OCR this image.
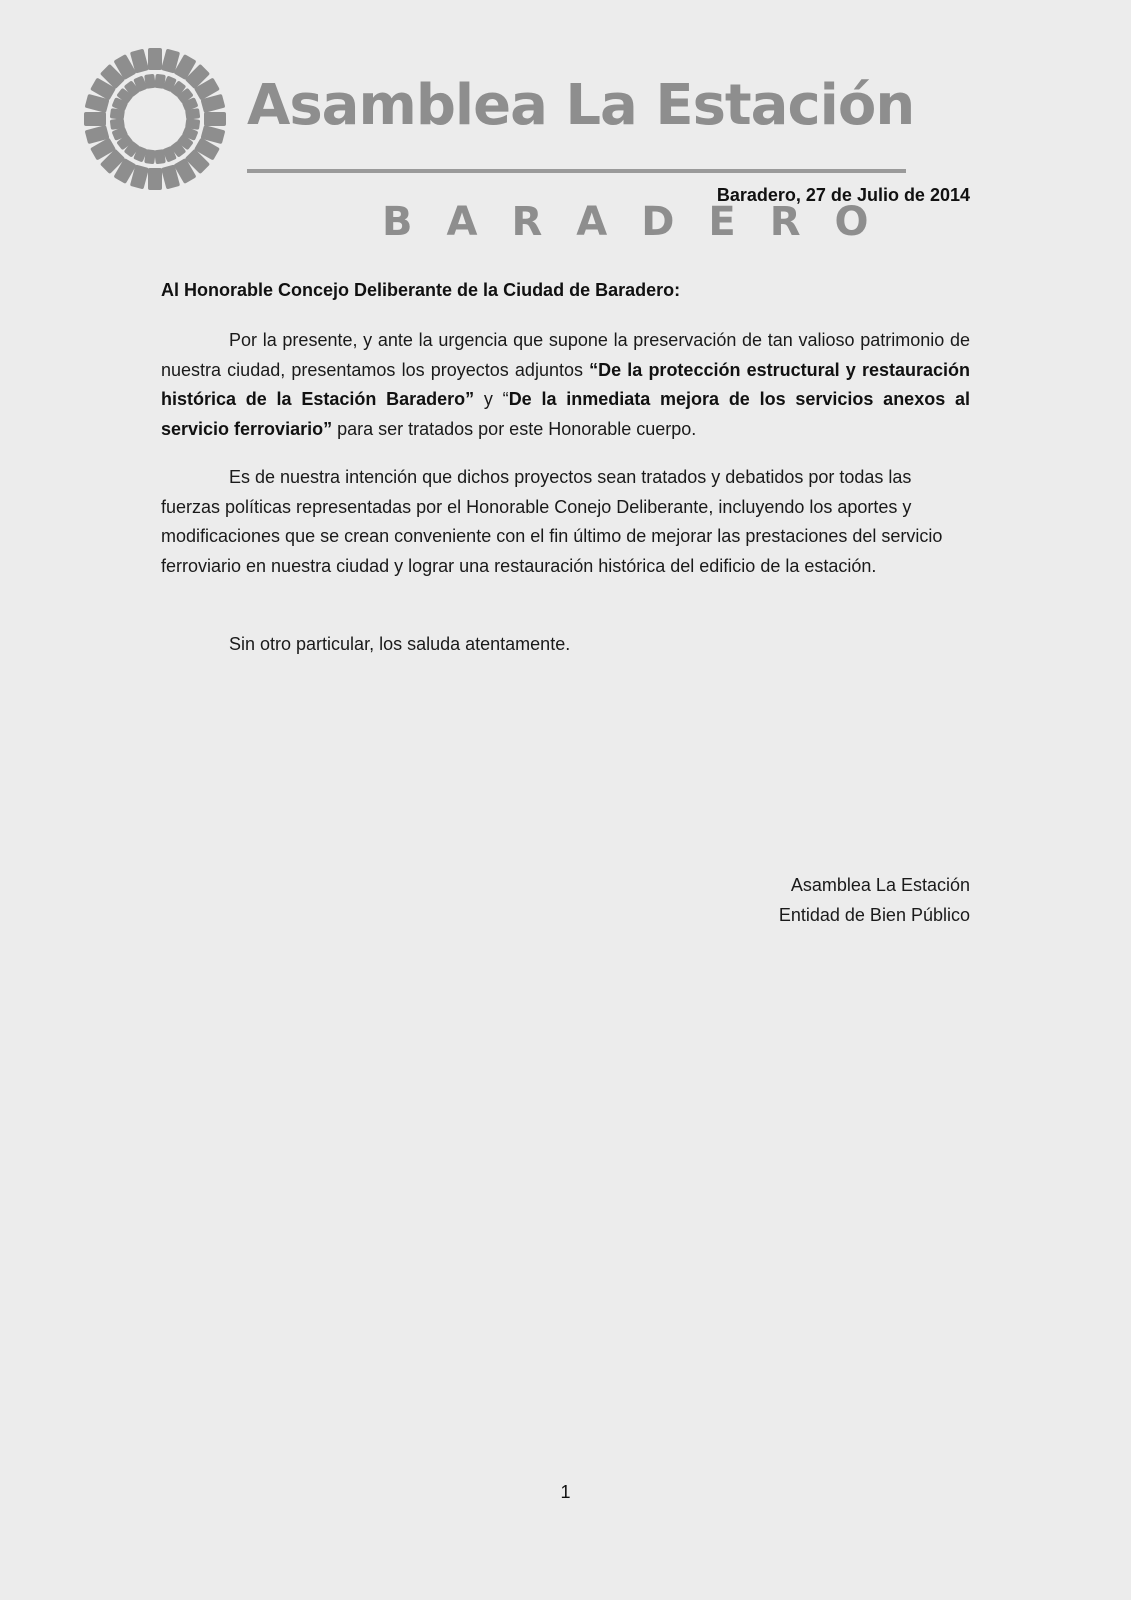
Asamblea La Estación
BARADERO
Baradero, 27 de Julio de 2014
Al Honorable Concejo Deliberante de la Ciudad de Baradero:

Por la presente, y ante la urgencia que supone la preservación de tan valioso patrimonio de nuestra ciudad, presentamos los proyectos adjuntos “De la protección estructural y restauración histórica de la Estación Baradero” y “De la inmediata mejora de los servicios anexos al servicio ferroviario” para ser tratados por este Honorable cuerpo.

Es de nuestra intención que dichos proyectos sean tratados y debatidos por todas las fuerzas políticas representadas por el Honorable Conejo Deliberante, incluyendo los aportes y modificaciones que se crean conveniente con el fin último de mejorar las prestaciones del servicio ferroviario en nuestra ciudad y lograr una restauración histórica del edificio de la estación.

Sin otro particular, los saluda atentamente.

Asamblea La Estación
Entidad de Bien Público
1
